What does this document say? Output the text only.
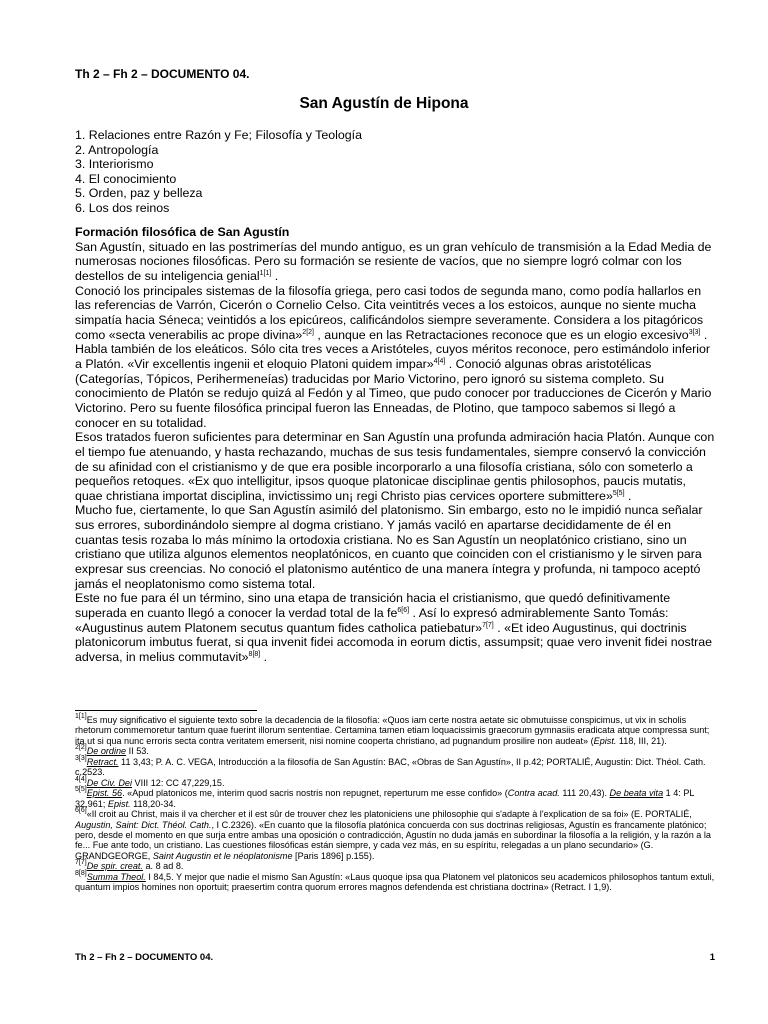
Th 2 – Fh 2 – DOCUMENTO 04.

San Agustín de Hipona
1. Relaciones entre Razón y Fe; Filosofía y Teología
2. Antropología
3. Interiorismo
4. El conocimiento
5. Orden, paz y belleza
6. Los dos reinos
Formación filosófica de San Agustín

San Agustín, situado en las postrimerías del mundo antiguo, es un gran vehículo de transmisión a la Edad Media de numerosas nociones filosóficas. Pero su formación se resiente de vacíos, que no siempre logró colmar con los destellos de su inteligencia genial$^{1[1]}$ .

Conoció los principales sistemas de la filosofía griega, pero casi todos de segunda mano, como podía hallarlos en las referencias de Varrón, Cicerón o Cornelio Celso. Cita veintitrés veces a los estoicos, aunque no siente mucha simpatía hacia Séneca; veintidós a los epicúreos, calificándolos siempre severamente. Considera a los pitagóricos como «secta venerabilis ac prope divina»$^{2[2]}$ , aunque en las Retractaciones reconoce que es un elogio excesivo$^{3[3]}$ . Habla también de los eleáticos. Sólo cita tres veces a Aristóteles, cuyos méritos reconoce, pero estimándolo inferior a Platón. «Vir excellentis ingenii et eloquio Platoni quidem impar»$^{4[4]}$ . Conoció algunas obras aristotélicas (Categorías, Tópicos, Perihermeneías) traducidas por Mario Victorino, pero ignoró su sistema completo. Su conocimiento de Platón se redujo quizá al Fedón y al Timeo, que pudo conocer por traducciones de Cicerón y Mario Victorino. Pero su fuente filosófica principal fueron las Enneadas, de Plotino, que tampoco sabemos si llegó a conocer en su totalidad.

Esos tratados fueron suficientes para determinar en San Agustín una profunda admiración hacia Platón. Aunque con el tiempo fue atenuando, y hasta rechazando, muchas de sus tesis fundamentales, siempre conservó la convicción de su afinidad con el cristianismo y de que era posible incorporarlo a una filosofía cristiana, sólo con someterlo a pequeños retoques. «Ex quo intelligitur, ipsos quoque platonicae disciplinae gentis philosophos, paucis mutatis, quae christiana importat disciplina, invictissimo un¡ regi Christo pias cervices oportere submittere»$^{5[5]}$ .

Mucho fue, ciertamente, lo que San Agustín asimiló del platonismo. Sin embargo, esto no le impidió nunca señalar sus errores, subordinándolo siempre al dogma cristiano. Y jamás vaciló en apartarse decididamente de él en cuantas tesis rozaba lo más mínimo la ortodoxia cristiana. No es San Agustín un neoplatónico cristiano, sino un cristiano que utiliza algunos elementos neoplatónicos, en cuanto que coinciden con el cristianismo y le sirven para expresar sus creencias. No conoció el platonismo auténtico de una manera íntegra y profunda, ni tampoco aceptó jamás el neoplatonismo como sistema total.

Este no fue para él un término, sino una etapa de transición hacia el cristianismo, que quedó definitivamente superada en cuanto llegó a conocer la verdad total de la $fe^{6[6]}$ . Así lo expresó admirablemente Santo Tomás: «Augustinus autem Platonem secutus quantum fides catholica patiebatur»$^{7[7]}$ . «Et ideo Augustinus, qui doctrinis platonicorum imbutus fuerat, si qua invenit fidei accomoda in eorum dictis, assumpsit; quae vero invenit fidei nostrae adversa, in melius commutavit»$^{8[8]}$ .

$^{1[1]}$Es muy significativo el siguiente texto sobre la decadencia de la filosofía: «Quos iam certe nostra aetate sic obmutuisse conspicimus, ut vix in scholis rhetorum commemoretur tantum quae fuerint illorum sententiae. Certamina tamen etiam loquacissimis graecorum gymnasiis eradicata atque compressa sunt; ita ut si qua nunc erroris secta contra veritatem emerserit, nisi nomine cooperta christiano, ad pugnandum prosilire non audeat» (Epist. 118, III, 21).

$^{2[2]}$De ordine II 53.

$^{3[3]}$Retract. 11 3,43; P. A. C. VEGA, Introducción a la filosofía de San Agustín: BAC, «Obras de San Agustín», II p.42; PORTALIÉ, Augustin: Dict. Théol. Cath. c.2523.

$^{4[4]}$De Civ. Dei VIII 12: CC 47,229,15.

$^{5[5]}$Epist. 56. «Apud platonicos me, interim quod sacris nostris non repugnet, reperturum me esse confido» (Contra acad. 111 20,43). De beata vita 1 4: PL 32,961; Epist. 118,20-34.

$^{6[6]}$«Il croit au Christ, mais il va chercher et il est sûr de trouver chez les platoniciens une philosophie qui s'adapte à l'explication de sa foi» (E. PORTALIÉ, Augustin, Saint: Dict. Théol. Cath., I C.2326). «En cuanto que la filosofía platónica concuerda con sus doctrinas religiosas, Agustín es francamente platónico; pero, desde el momento en que surja entre ambas una oposición o contradicción, Agustín no duda jamás en subordinar la filosofía a la religión, y la razón a la fe... Fue ante todo, un cristiano. Las cuestiones filosóficas están siempre, y cada vez más, en su espíritu, relegadas a un plano secundario» (G. GRANDGEORGE, Saint Augustin et le néoplatonisme [Paris 1896] p.155).

$^{7[7]}$De spir. creat. a. 8 ad 8.

$^{8[8]}$Summa Theol. I 84,5. Y mejor que nadie el mismo San Agustín: «Laus quoque ipsa qua Platonem vel platonicos seu academicos philosophos tantum extuli, quantum impios homines non oportuit; praesertim contra quorum errores magnos defendenda est christiana doctrina» (Retract. I 1,9).

Th 2 – Fh 2 – DOCUMENTO 04.	1
